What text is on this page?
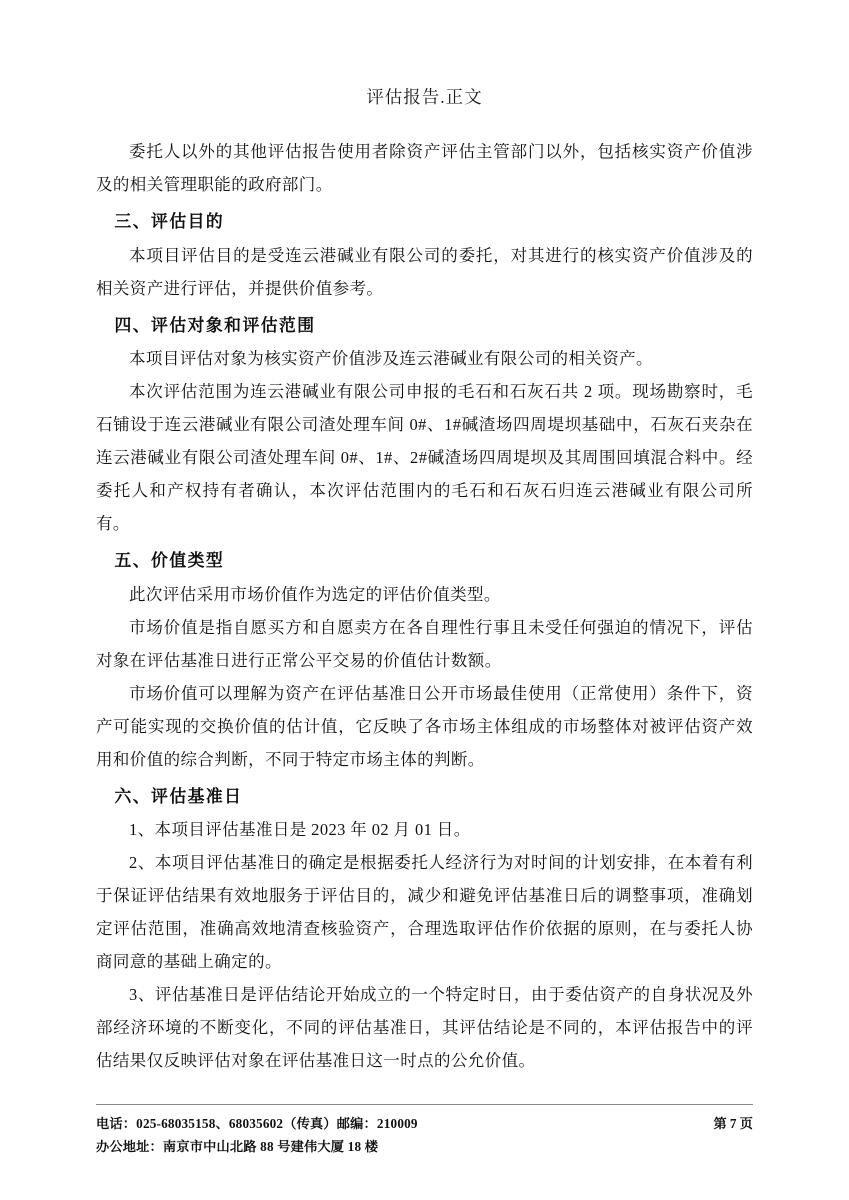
评估报告.正文

委托人以外的其他评估报告使用者除资产评估主管部门以外，包括核实资产价值涉及的相关管理职能的政府部门。

三、评估目的

本项目评估目的是受连云港碱业有限公司的委托，对其进行的核实资产价值涉及的相关资产进行评估，并提供价值参考。

四、评估对象和评估范围

本项目评估对象为核实资产价值涉及连云港碱业有限公司的相关资产。

本次评估范围为连云港碱业有限公司申报的毛石和石灰石共 2 项。现场勘察时，毛石铺设于连云港碱业有限公司渣处理车间 0#、1#碱渣场四周堤坝基础中，石灰石夹杂在连云港碱业有限公司渣处理车间 0#、1#、2#碱渣场四周堤坝及其周围回填混合料中。经委托人和产权持有者确认，本次评估范围内的毛石和石灰石归连云港碱业有限公司所有。

五、价值类型

此次评估采用市场价值作为选定的评估价值类型。

市场价值是指自愿买方和自愿卖方在各自理性行事且未受任何强迫的情况下，评估对象在评估基准日进行正常公平交易的价值估计数额。

市场价值可以理解为资产在评估基准日公开市场最佳使用（正常使用）条件下，资产可能实现的交换价值的估计值，它反映了各市场主体组成的市场整体对被评估资产效用和价值的综合判断，不同于特定市场主体的判断。

六、评估基准日

1、本项目评估基准日是 2023 年 02 月 01 日。

2、本项目评估基准日的确定是根据委托人经济行为对时间的计划安排，在本着有利于保证评估结果有效地服务于评估目的，减少和避免评估基准日后的调整事项，准确划定评估范围，准确高效地清查核验资产，合理选取评估作价依据的原则，在与委托人协商同意的基础上确定的。

3、评估基准日是评估结论开始成立的一个特定时日，由于委估资产的自身状况及外部经济环境的不断变化，不同的评估基准日，其评估结论是不同的，本评估报告中的评估结果仅反映评估对象在评估基准日这一时点的公允价值。

电话：025-68035158、68035602（传真）邮编：210009	第 7 页
办公地址：南京市中山北路 88 号建伟大厦 18 楼
